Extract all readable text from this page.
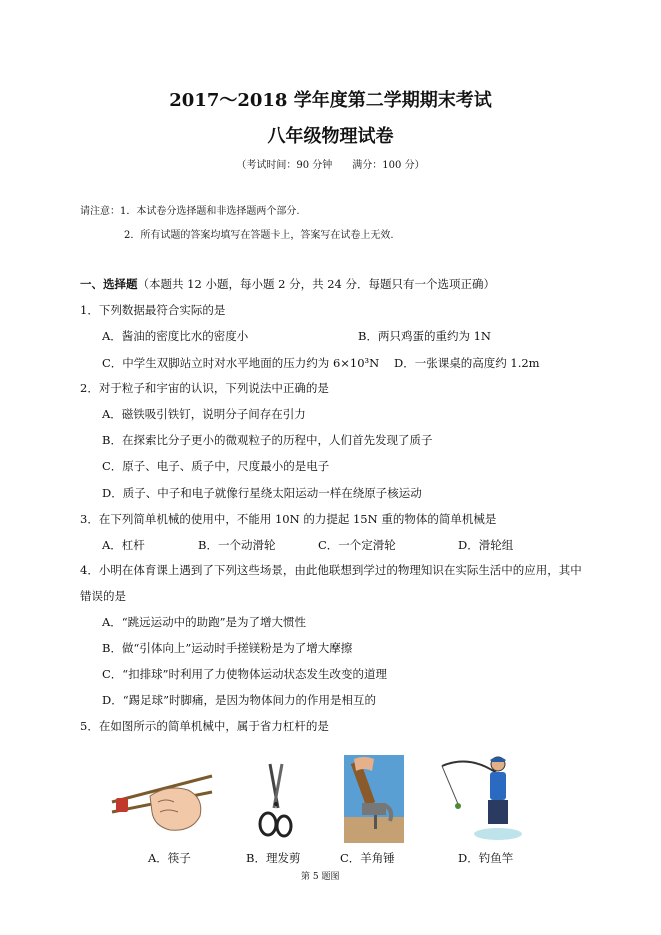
2017～2018 学年度第二学期期末考试
八年级物理试卷
（考试时间：90 分钟　　满分：100 分）
请注意：1．本试卷分选择题和非选择题两个部分.
2．所有试题的答案均填写在答题卡上，答案写在试卷上无效.
一、选择题（本题共 12 小题，每小题 2 分，共 24 分．每题只有一个选项正确）
1．下列数据最符合实际的是
A．酱油的密度比水的密度小	B．两只鸡蛋的重约为 1N
C．中学生双脚站立时对水平地面的压力约为 6×10³N D．一张课桌的高度约 1.2m
2．对于粒子和宇宙的认识，下列说法中正确的是
A．磁铁吸引铁钉，说明分子间存在引力
B．在探索比分子更小的微观粒子的历程中，人们首先发现了质子
C．原子、电子、质子中，尺度最小的是电子
D．质子、中子和电子就像行星绕太阳运动一样在绕原子核运动
3．在下列简单机械的使用中，不能用 10N 的力提起 15N 重的物体的简单机械是
A．杠杆	B．一个动滑轮	C．一个定滑轮	D．滑轮组
4．小明在体育课上遇到了下列这些场景，由此他联想到学过的物理知识在实际生活中的应用，其中
错误的是
A．“跳远运动中的助跑”是为了增大惯性
B．做“引体向上”运动时手搓镁粉是为了增大摩擦
C．“扣排球”时利用了力使物体运动状态发生改变的道理
D．“踢足球”时脚痛，是因为物体间力的作用是相互的
5．在如图所示的简单机械中，属于省力杠杆的是
A．筷子	B．理发剪	C．羊角锤	D．钓鱼竿
第 5 题图
